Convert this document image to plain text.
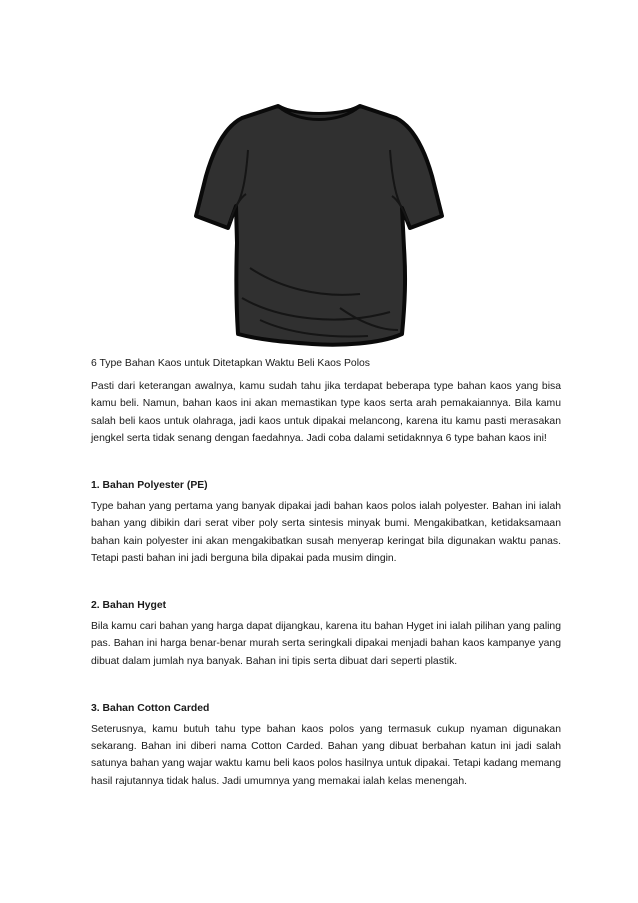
6 Type Bahan Kaos untuk Ditetapkan Waktu Beli Kaos Polos

Pasti dari keterangan awalnya, kamu sudah tahu jika terdapat beberapa type bahan kaos yang bisa kamu beli. Namun, bahan kaos ini akan memastikan type kaos serta arah pemakaiannya. Bila kamu salah beli kaos untuk olahraga, jadi kaos untuk dipakai melancong, karena itu kamu pasti merasakan jengkel serta tidak senang dengan faedahnya. Jadi coba dalami setidaknnya 6 type bahan kaos ini!

1. Bahan Polyester (PE)

Type bahan yang pertama yang banyak dipakai jadi bahan kaos polos ialah polyester. Bahan ini ialah bahan yang dibikin dari serat viber poly serta sintesis minyak bumi. Mengakibatkan, ketidaksamaan bahan kain polyester ini akan mengakibatkan susah menyerap keringat bila digunakan waktu panas. Tetapi pasti bahan ini jadi berguna bila dipakai pada musim dingin.

2. Bahan Hyget

Bila kamu cari bahan yang harga dapat dijangkau, karena itu bahan Hyget ini ialah pilihan yang paling pas. Bahan ini harga benar-benar murah serta seringkali dipakai menjadi bahan kaos kampanye yang dibuat dalam jumlah nya banyak. Bahan ini tipis serta dibuat dari seperti plastik.

3. Bahan Cotton Carded

Seterusnya, kamu butuh tahu type bahan kaos polos yang termasuk cukup nyaman digunakan sekarang. Bahan ini diberi nama Cotton Carded. Bahan yang dibuat berbahan katun ini jadi salah satunya bahan yang wajar waktu kamu beli kaos polos hasilnya untuk dipakai. Tetapi kadang memang hasil rajutannya tidak halus. Jadi umumnya yang memakai ialah kelas menengah.
